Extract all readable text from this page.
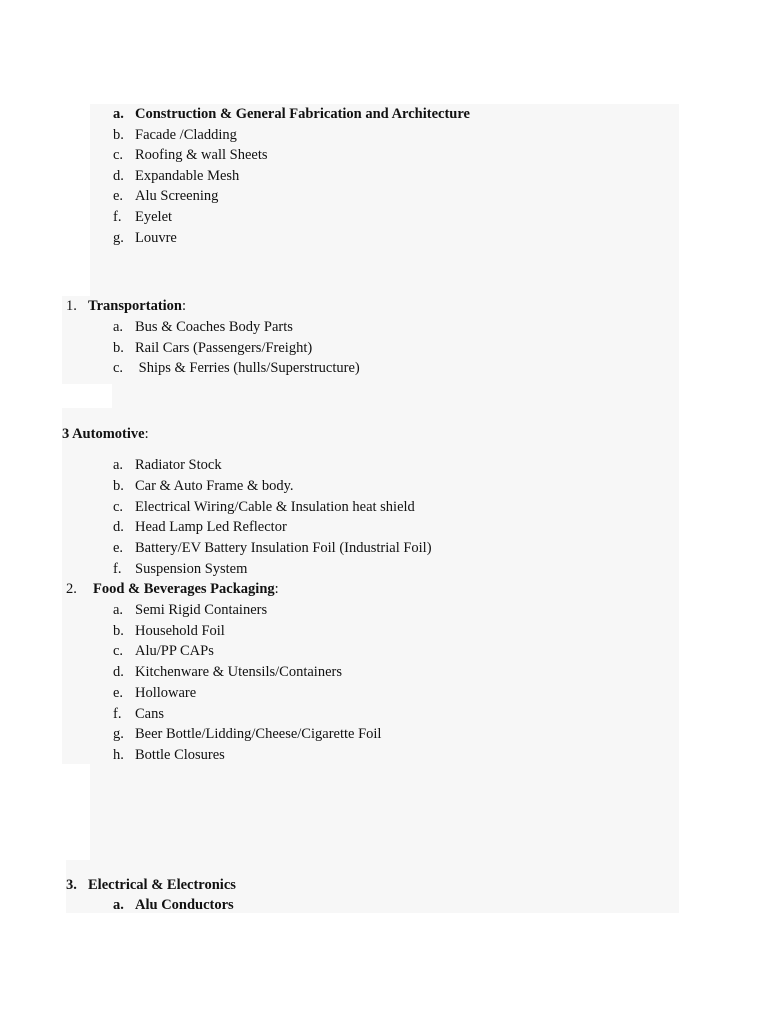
a. Construction & General Fabrication and Architecture
b. Facade /Cladding
c. Roofing & wall Sheets
d. Expandable Mesh
e. Alu Screening
f. Eyelet
g. Louvre
1. Transportation:
a. Bus & Coaches Body Parts
b. Rail Cars (Passengers/Freight)
c. Ships & Ferries (hulls/Superstructure)
3 Automotive:
a. Radiator Stock
b. Car & Auto Frame & body.
c. Electrical Wiring/Cable & Insulation heat shield
d. Head Lamp Led Reflector
e. Battery/EV Battery Insulation Foil (Industrial Foil)
f. Suspension System
2. Food & Beverages Packaging:
a. Semi Rigid Containers
b. Household Foil
c. Alu/PP CAPs
d. Kitchenware & Utensils/Containers
e. Holloware
f. Cans
g. Beer Bottle/Lidding/Cheese/Cigarette Foil
h. Bottle Closures
3. Electrical & Electronics
a. Alu Conductors
